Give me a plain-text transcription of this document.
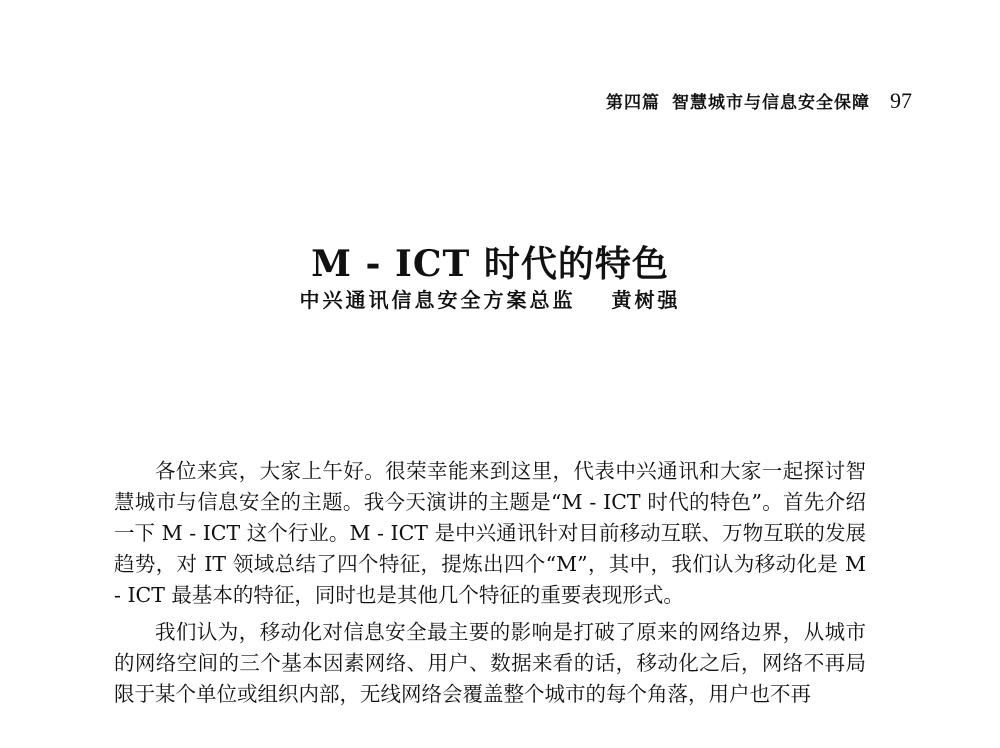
第四篇 智慧城市与信息安全保障 97
M - ICT 时代的特色
中兴通讯信息安全方案总监 黄树强

各位来宾，大家上午好。很荣幸能来到这里，代表中兴通讯和大家一起探讨智慧城市与信息安全的主题。我今天演讲的主题是“M - ICT 时代的特色”。首先介绍一下 M - ICT 这个行业。M - ICT 是中兴通讯针对目前移动互联、万物互联的发展趋势，对 IT 领域总结了四个特征，提炼出四个“M”，其中，我们认为移动化是 M - ICT 最基本的特征，同时也是其他几个特征的重要表现形式。

我们认为，移动化对信息安全最主要的影响是打破了原来的网络边界，从城市的网络空间的三个基本因素网络、用户、数据来看的话，移动化之后，网络不再局限于某个单位或组织内部，无线网络会覆盖整个城市的每个角落，用户也不再
